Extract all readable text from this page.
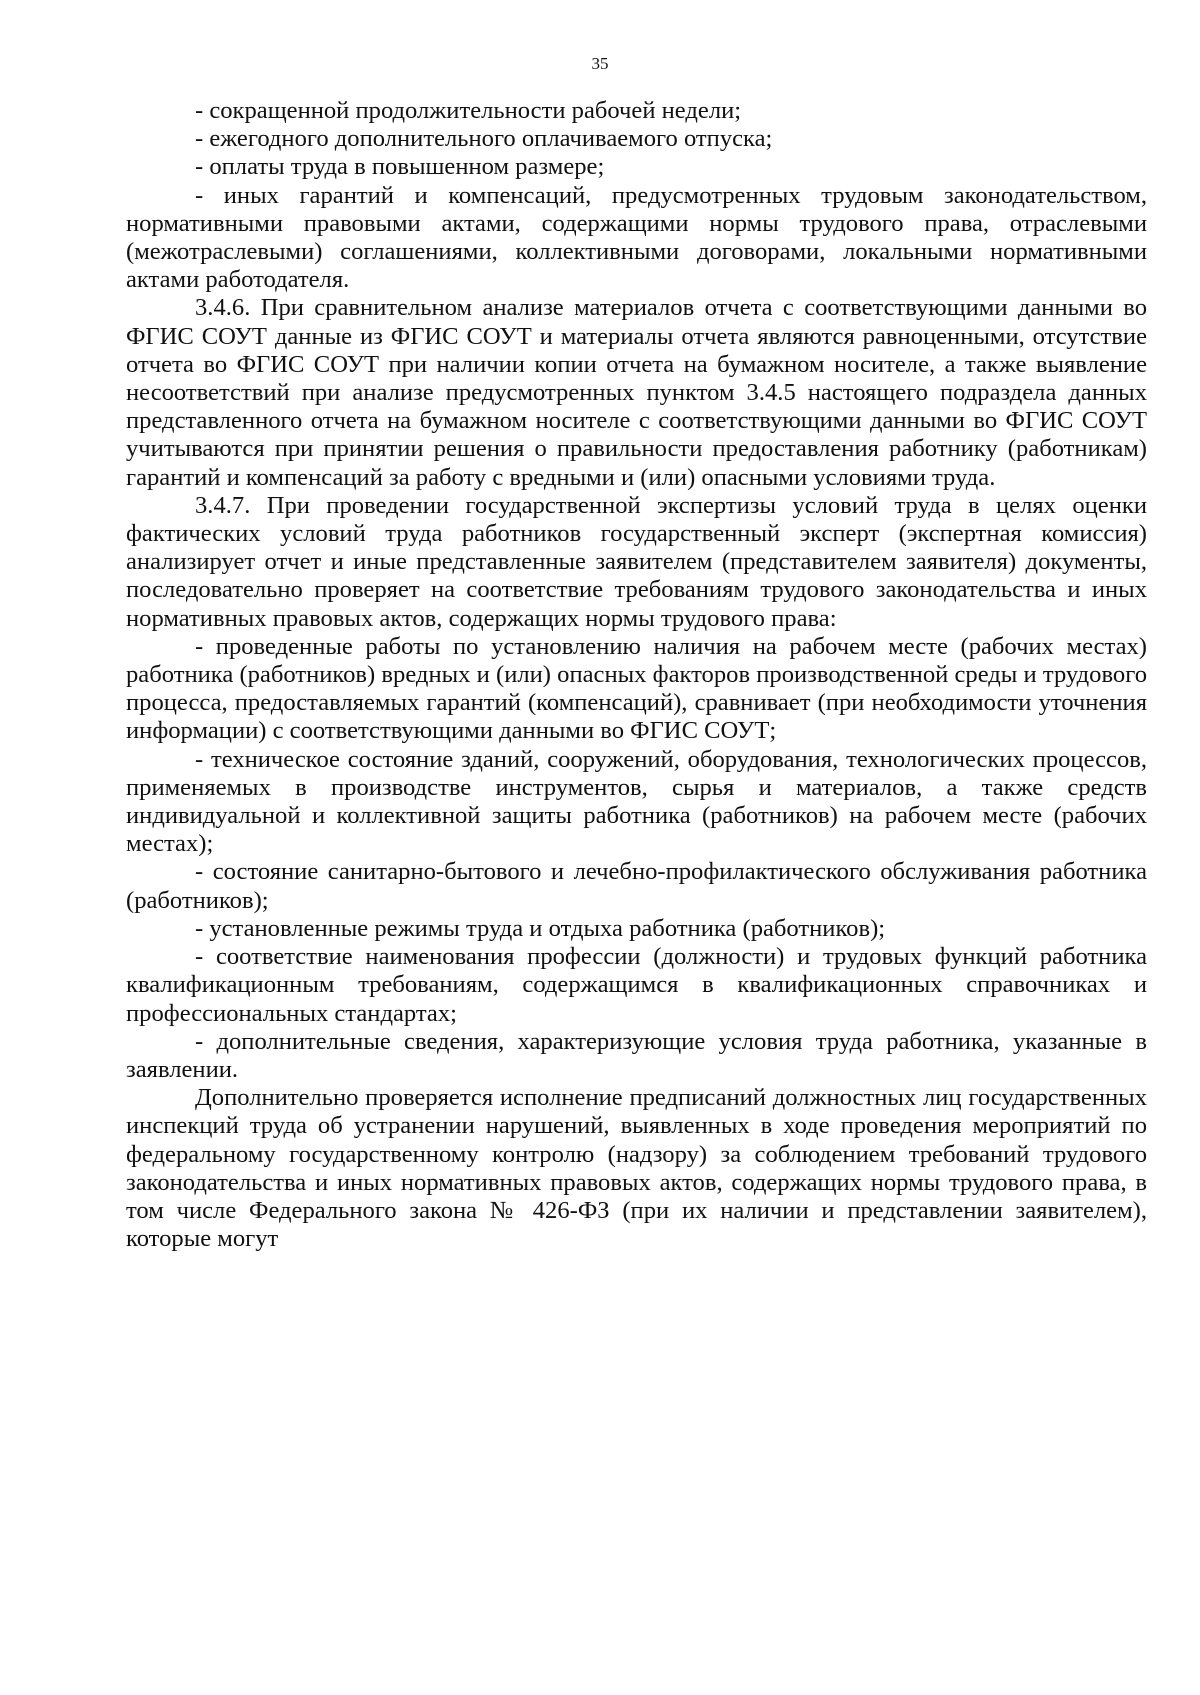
35

- сокращенной продолжительности рабочей недели;

- ежегодного дополнительного оплачиваемого отпуска;

- оплаты труда в повышенном размере;

- иных гарантий и компенсаций, предусмотренных трудовым законодательством, нормативными правовыми актами, содержащими нормы трудового права, отраслевыми (межотраслевыми) соглашениями, коллективными договорами, локальными нормативными актами работодателя.

3.4.6. При сравнительном анализе материалов отчета с соответствующими данными во ФГИС СОУТ данные из ФГИС СОУТ и материалы отчета являются равноценными, отсутствие отчета во ФГИС СОУТ при наличии копии отчета на бумажном носителе, а также выявление несоответствий при анализе предусмотренных пунктом 3.4.5 настоящего подраздела данных представленного отчета на бумажном носителе с соответствующими данными во ФГИС СОУТ учитываются при принятии решения о правильности предоставления работнику (работникам) гарантий и компенсаций за работу с вредными и (или) опасными условиями труда.

3.4.7. При проведении государственной экспертизы условий труда в целях оценки фактических условий труда работников государственный эксперт (экспертная комиссия) анализирует отчет и иные представленные заявителем (представителем заявителя) документы, последовательно проверяет на соответствие требованиям трудового законодательства и иных нормативных правовых актов, содержащих нормы трудового права:

- проведенные работы по установлению наличия на рабочем месте (рабочих местах) работника (работников) вредных и (или) опасных факторов производственной среды и трудового процесса, предоставляемых гарантий (компенсаций), сравнивает (при необходимости уточнения информации) с соответствующими данными во ФГИС СОУТ;

- техническое состояние зданий, сооружений, оборудования, технологических процессов, применяемых в производстве инструментов, сырья и материалов, а также средств индивидуальной и коллективной защиты работника (работников) на рабочем месте (рабочих местах);

- состояние санитарно-бытового и лечебно-профилактического обслуживания работника (работников);

- установленные режимы труда и отдыха работника (работников);

- соответствие наименования профессии (должности) и трудовых функций работника квалификационным требованиям, содержащимся в квалификационных справочниках и профессиональных стандартах;

- дополнительные сведения, характеризующие условия труда работника, указанные в заявлении.

Дополнительно проверяется исполнение предписаний должностных лиц государственных инспекций труда об устранении нарушений, выявленных в ходе проведения мероприятий по федеральному государственному контролю (надзору) за соблюдением требований трудового законодательства и иных нормативных правовых актов, содержащих нормы трудового права, в том числе Федерального закона № 426-ФЗ (при их наличии и представлении заявителем), которые могут
